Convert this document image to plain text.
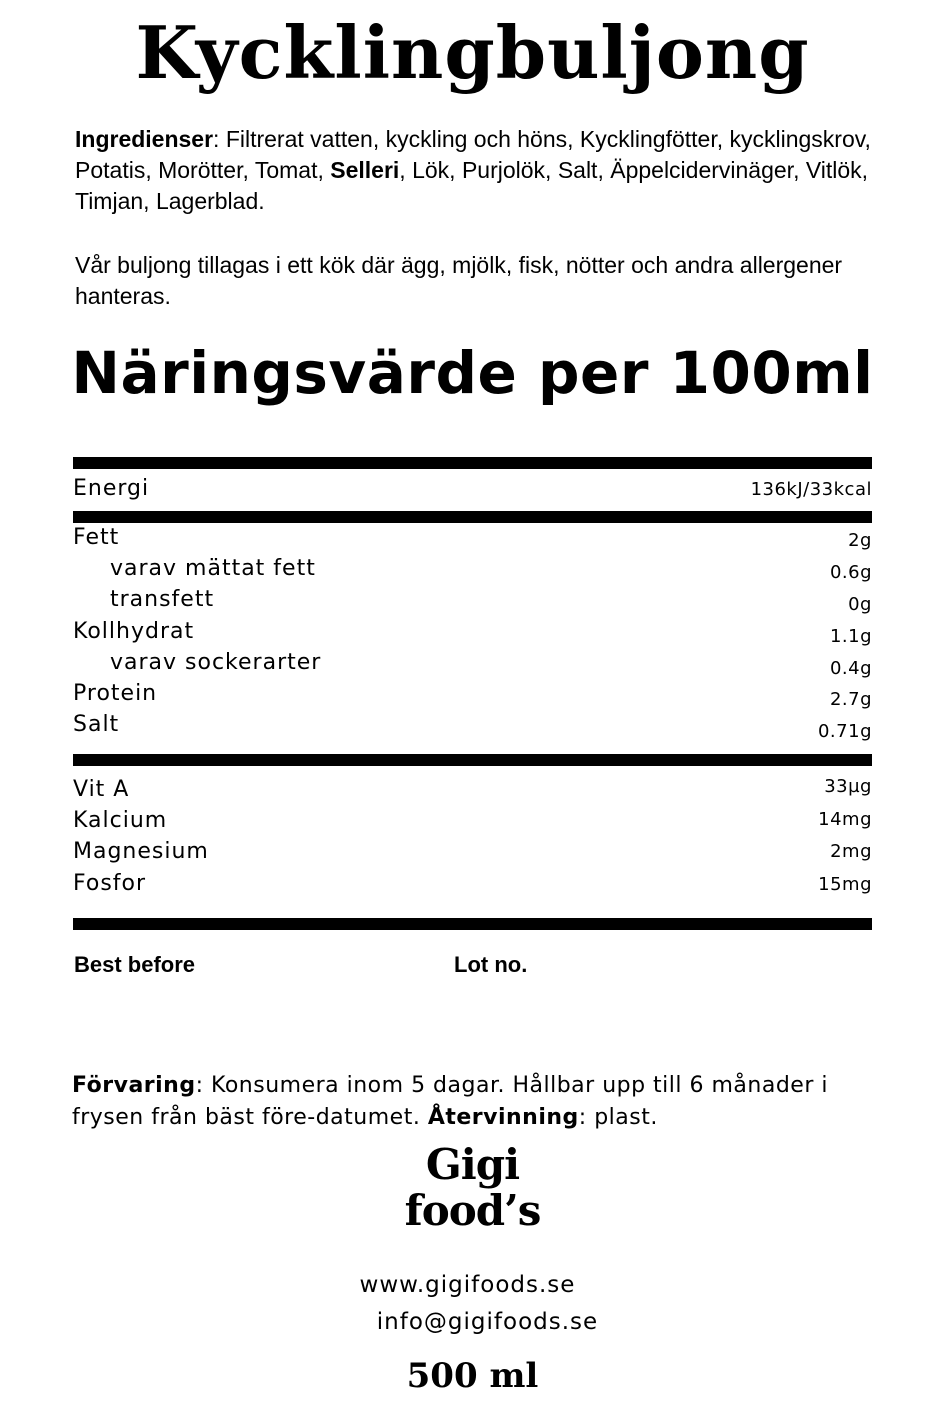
Kycklingbuljong
Ingredienser: Filtrerat vatten, kyckling och höns, Kycklingfötter, kycklingskrov, Potatis, Morötter, Tomat, Selleri, Lök, Purjolök, Salt, Äppelcidervinäger, Vitlök, Timjan, Lagerblad.
Vår buljong tillagas i ett kök där ägg, mjölk, fisk, nötter och andra allergener hanteras.
Näringsvärde per 100ml
Energi	136kJ/33kcal
Fett	2g
varav mättat fett	0.6g
transfett	0g
Kollhydrat	1.1g
varav sockerarter	0.4g
Protein	2.7g
Salt	0.71g
Vit A	33µg
Kalcium	14mg
Magnesium	2mg
Fosfor	15mg
Best before	Lot no.
Förvaring: Konsumera inom 5 dagar. Hållbar upp till 6 månader i frysen från bäst före-datumet. Återvinning: plast.
Gigi
food’s
www.gigifoods.se
info@gigifoods.se
500 ml
